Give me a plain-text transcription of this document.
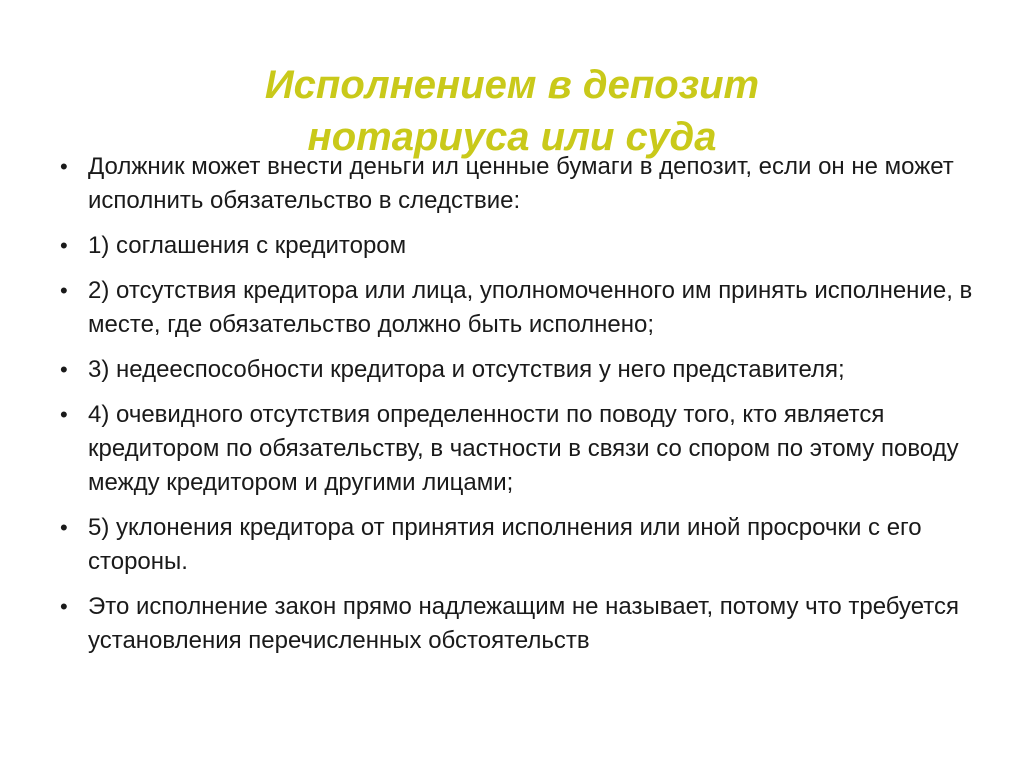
Исполнением в депозит
нотариуса или суда
• Должник может внести деньги ил ценные бумаги в депозит, если он не может исполнить обязательство в следствие:
• 1) соглашения с кредитором
• 2) отсутствия кредитора или лица, уполномоченного им принять исполнение, в месте, где обязательство должно быть исполнено;
• 3) недееспособности кредитора и отсутствия у него представителя;
• 4) очевидного отсутствия определенности по поводу того, кто является кредитором по обязательству, в частности в связи со спором по этому поводу между кредитором и другими лицами;
• 5) уклонения кредитора от принятия исполнения или иной просрочки с его стороны.
• Это исполнение закон прямо надлежащим не называет, потому что требуется установления перечисленных обстоятельств
